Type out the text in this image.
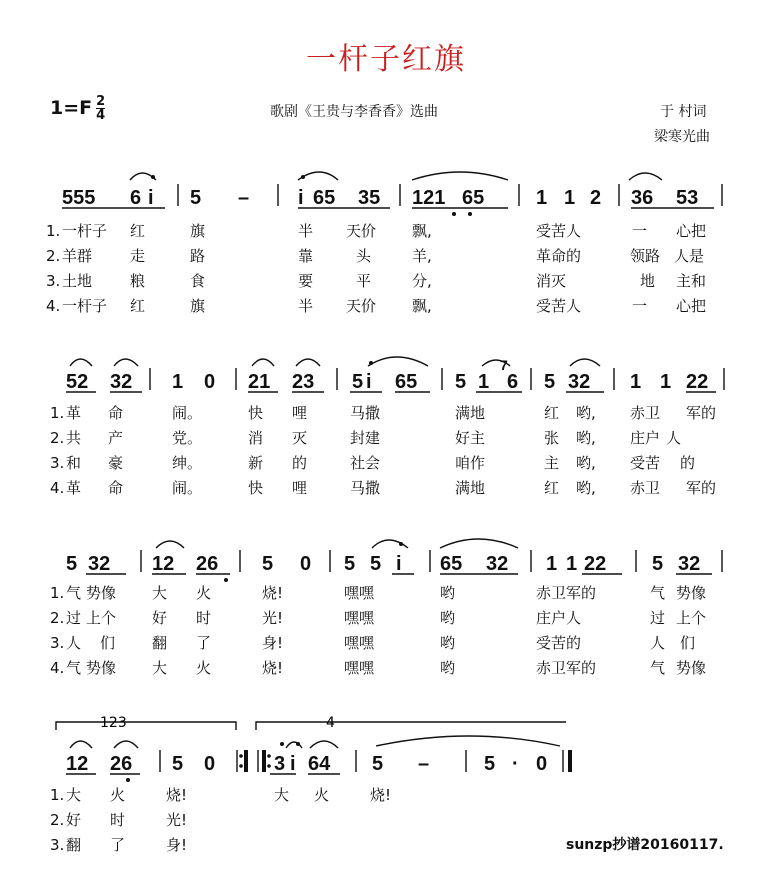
一杆子红旗
$1=F \frac{2}{4}$	歌剧《王贵与李香香》选曲	于 村词
梁寒光曲
555 6 i 5 – i 65 35 121 65	1 1 2 36 53
52 32 1 0 21 23 5 i 65 5 1
7
6 5 32 1 1 22
5 32 12 26 5 0 5 5 i 65 32 1 1 22 5 32
12 26 5 0	3 i 64 5 –	5 · 0
123	4
1. 一杆子 红	旗	半 天价 飘,	受苦人	一 心把
2. 羊群	走	路	靠	头	羊,	革命的	领路 人是
3. 土地	粮	食	要	平	分,	消灭	地 主和
4. 一杆子 红	旗	半 天价 飘,	受苦人	一 心把
1. 革 命	闹。	快 哩	马撒	满地	红 哟, 赤卫 军的
2. 共 产	党。	消 灭	封建	好主	张 哟, 庄户 人
3. 和 豪	绅。	新 的	社会	咱作	主 哟, 受苦 的
4. 革 命	闹。	快 哩	马撒	满地	红 哟, 赤卫 军的
1. 气 势像 大 火	烧!	嘿嘿	哟	赤卫军的	气 势像
2. 过 上个 好 时	光!	嘿嘿	哟	庄户人	过 上个
3. 人 们 翻 了	身!	嘿嘿	哟	受苦的	人 们
4. 气 势像 大 火	烧!	嘿嘿	哟	赤卫军的	气 势像
1. 大 火	烧!	大 火	烧!
2. 好 时	光!
3. 翻 了	身!	sunzp抄谱20160117.
